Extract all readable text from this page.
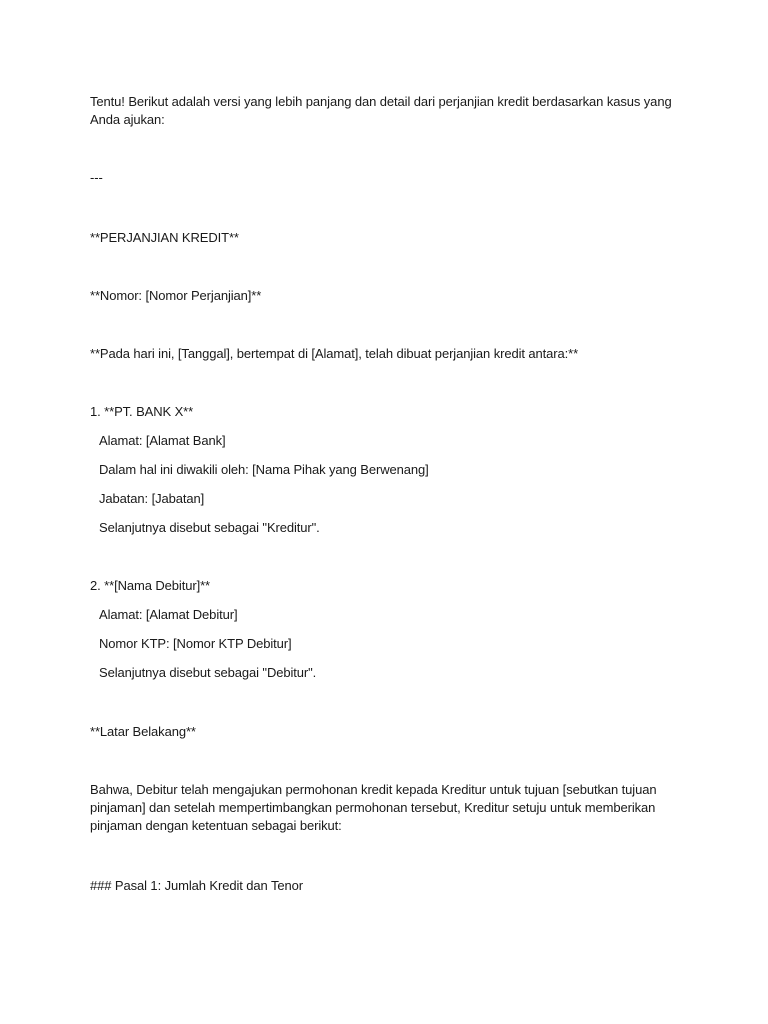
Tentu! Berikut adalah versi yang lebih panjang dan detail dari perjanjian kredit berdasarkan kasus yang Anda ajukan:
---
**PERJANJIAN KREDIT**
**Nomor: [Nomor Perjanjian]**
**Pada hari ini, [Tanggal], bertempat di [Alamat], telah dibuat perjanjian kredit antara:**
1. **PT. BANK X**
Alamat: [Alamat Bank]
Dalam hal ini diwakili oleh: [Nama Pihak yang Berwenang]
Jabatan: [Jabatan]
Selanjutnya disebut sebagai "Kreditur".
2. **[Nama Debitur]**
Alamat: [Alamat Debitur]
Nomor KTP: [Nomor KTP Debitur]
Selanjutnya disebut sebagai "Debitur".
**Latar Belakang**
Bahwa, Debitur telah mengajukan permohonan kredit kepada Kreditur untuk tujuan [sebutkan tujuan pinjaman] dan setelah mempertimbangkan permohonan tersebut, Kreditur setuju untuk memberikan pinjaman dengan ketentuan sebagai berikut:
### Pasal 1: Jumlah Kredit dan Tenor
